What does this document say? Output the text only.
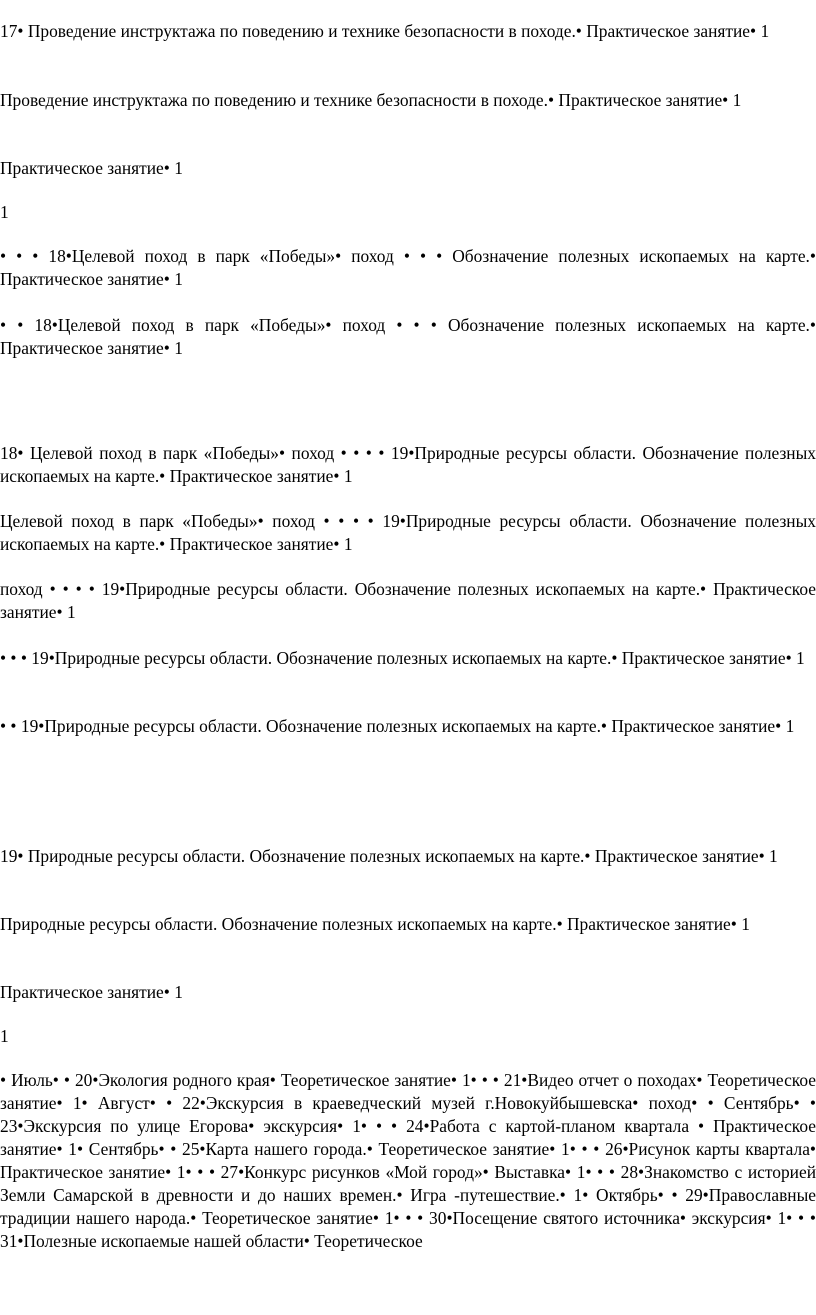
17• Проведение инструктажа по поведению и технике безопасности в походе.• Практическое занятие• 1

Проведение инструктажа по поведению и технике безопасности в походе.• Практическое занятие• 1

Практическое занятие• 1

1

• • • 18•Целевой поход в парк «Победы»• поход • • • Обозначение полезных ископаемых на карте.• Практическое занятие• 1

• • 18•Целевой поход в парк «Победы»• поход • • • Обозначение полезных ископаемых на карте.• Практическое занятие• 1

18• Целевой поход в парк «Победы»• поход • • • • 19•Природные ресурсы области. Обозначение полезных ископаемых на карте.• Практическое занятие• 1

Целевой поход в парк «Победы»• поход • • • • 19•Природные ресурсы области. Обозначение полезных ископаемых на карте.• Практическое занятие• 1

поход • • • • 19•Природные ресурсы области. Обозначение полезных ископаемых на карте.• Практическое занятие• 1

• • • 19•Природные ресурсы области. Обозначение полезных ископаемых на карте.• Практическое занятие• 1

• • 19•Природные ресурсы области. Обозначение полезных ископаемых на карте.• Практическое занятие• 1

19• Природные ресурсы области. Обозначение полезных ископаемых на карте.• Практическое занятие• 1

Природные ресурсы области. Обозначение полезных ископаемых на карте.• Практическое занятие• 1

Практическое занятие• 1

1

• Июль• • 20•Экология родного края• Теоретическое занятие• 1• • • 21•Видео отчет о походах• Теоретическое занятие• 1• Август• • 22•Экскурсия в краеведческий музей г.Новокуйбышевска• поход• • Сентябрь• • 23•Экскурсия по улице Егорова• экскурсия• 1• • • 24•Работа с картой-планом квартала • Практическое занятие• 1• Сентябрь• • 25•Карта нашего города.• Теоретическое занятие• 1• • • 26•Рисунок карты квартала• Практическое занятие• 1• • • 27•Конкурс рисунков «Мой город»• Выставка• 1• • • 28•Знакомство с историей Земли Самарской в древности и до наших времен.• Игра -путешествие.• 1• Октябрь• • 29•Православные традиции нашего народа.• Теоретическое занятие• 1• • • 30•Посещение святого источника• экскурсия• 1• • • 31•Полезные ископаемые нашей области• Теоретическое
